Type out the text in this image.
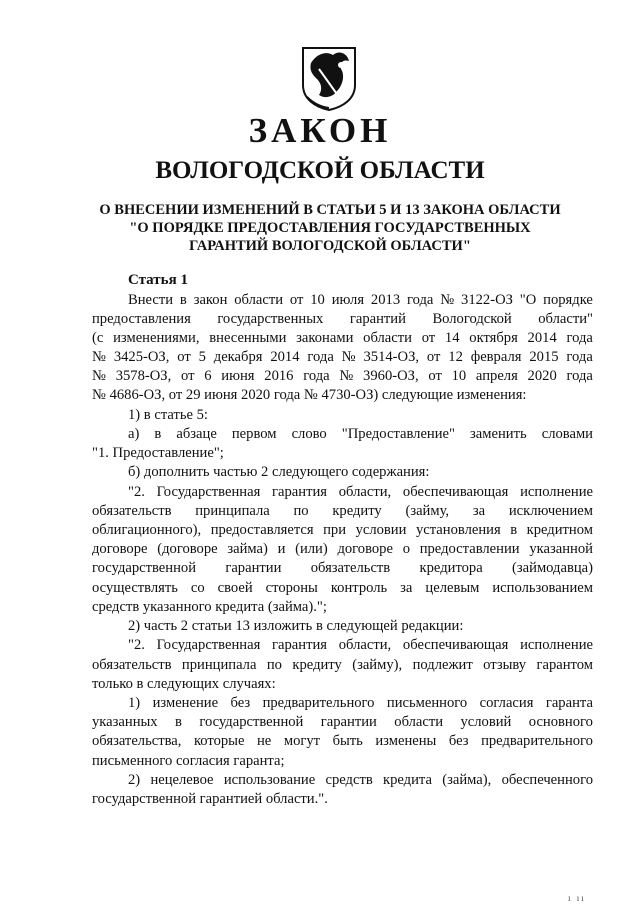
ЗАКОН
ВОЛОГОДСКОЙ ОБЛАСТИ
О ВНЕСЕНИИ ИЗМЕНЕНИЙ В СТАТЬИ 5 И 13 ЗАКОНА ОБЛАСТИ
"О ПОРЯДКЕ ПРЕДОСТАВЛЕНИЯ ГОСУДАРСТВЕННЫХ
ГАРАНТИЙ ВОЛОГОДСКОЙ ОБЛАСТИ"
Статья 1
Внести в закон области от 10 июля 2013 года № 3122-ОЗ "О порядке
предоставления государственных гарантий Вологодской области"
(с изменениями, внесенными законами области от 14 октября 2014 года
№ 3425-ОЗ, от 5 декабря 2014 года № 3514-ОЗ, от 12 февраля 2015 года
№ 3578-ОЗ, от 6 июня 2016 года № 3960-ОЗ, от 10 апреля 2020 года
№ 4686-ОЗ, от 29 июня 2020 года № 4730-ОЗ) следующие изменения:
1) в статье 5:
а) в абзаце первом слово "Предоставление" заменить словами
"1. Предоставление";
б) дополнить частью 2 следующего содержания:
"2. Государственная гарантия области, обеспечивающая исполнение
обязательств принципала по кредиту (займу, за исключением
облигационного), предоставляется при условии установления в кредитном
договоре (договоре займа) и (или) договоре о предоставлении указанной
государственной гарантии обязательств кредитора (займодавца)
осуществлять со своей стороны контроль за целевым использованием
средств указанного кредита (займа).";
2) часть 2 статьи 13 изложить в следующей редакции:
"2. Государственная гарантия области, обеспечивающая исполнение
обязательств принципала по кредиту (займу), подлежит отзыву гарантом
только в следующих случаях:
1) изменение без предварительного письменного согласия гаранта
указанных в государственной гарантии области условий основного
обязательства, которые не могут быть изменены без предварительного
письменного согласия гаранта;
2) нецелевое использование средств кредита (займа), обеспеченного
государственной гарантией области.".
ı ıı
